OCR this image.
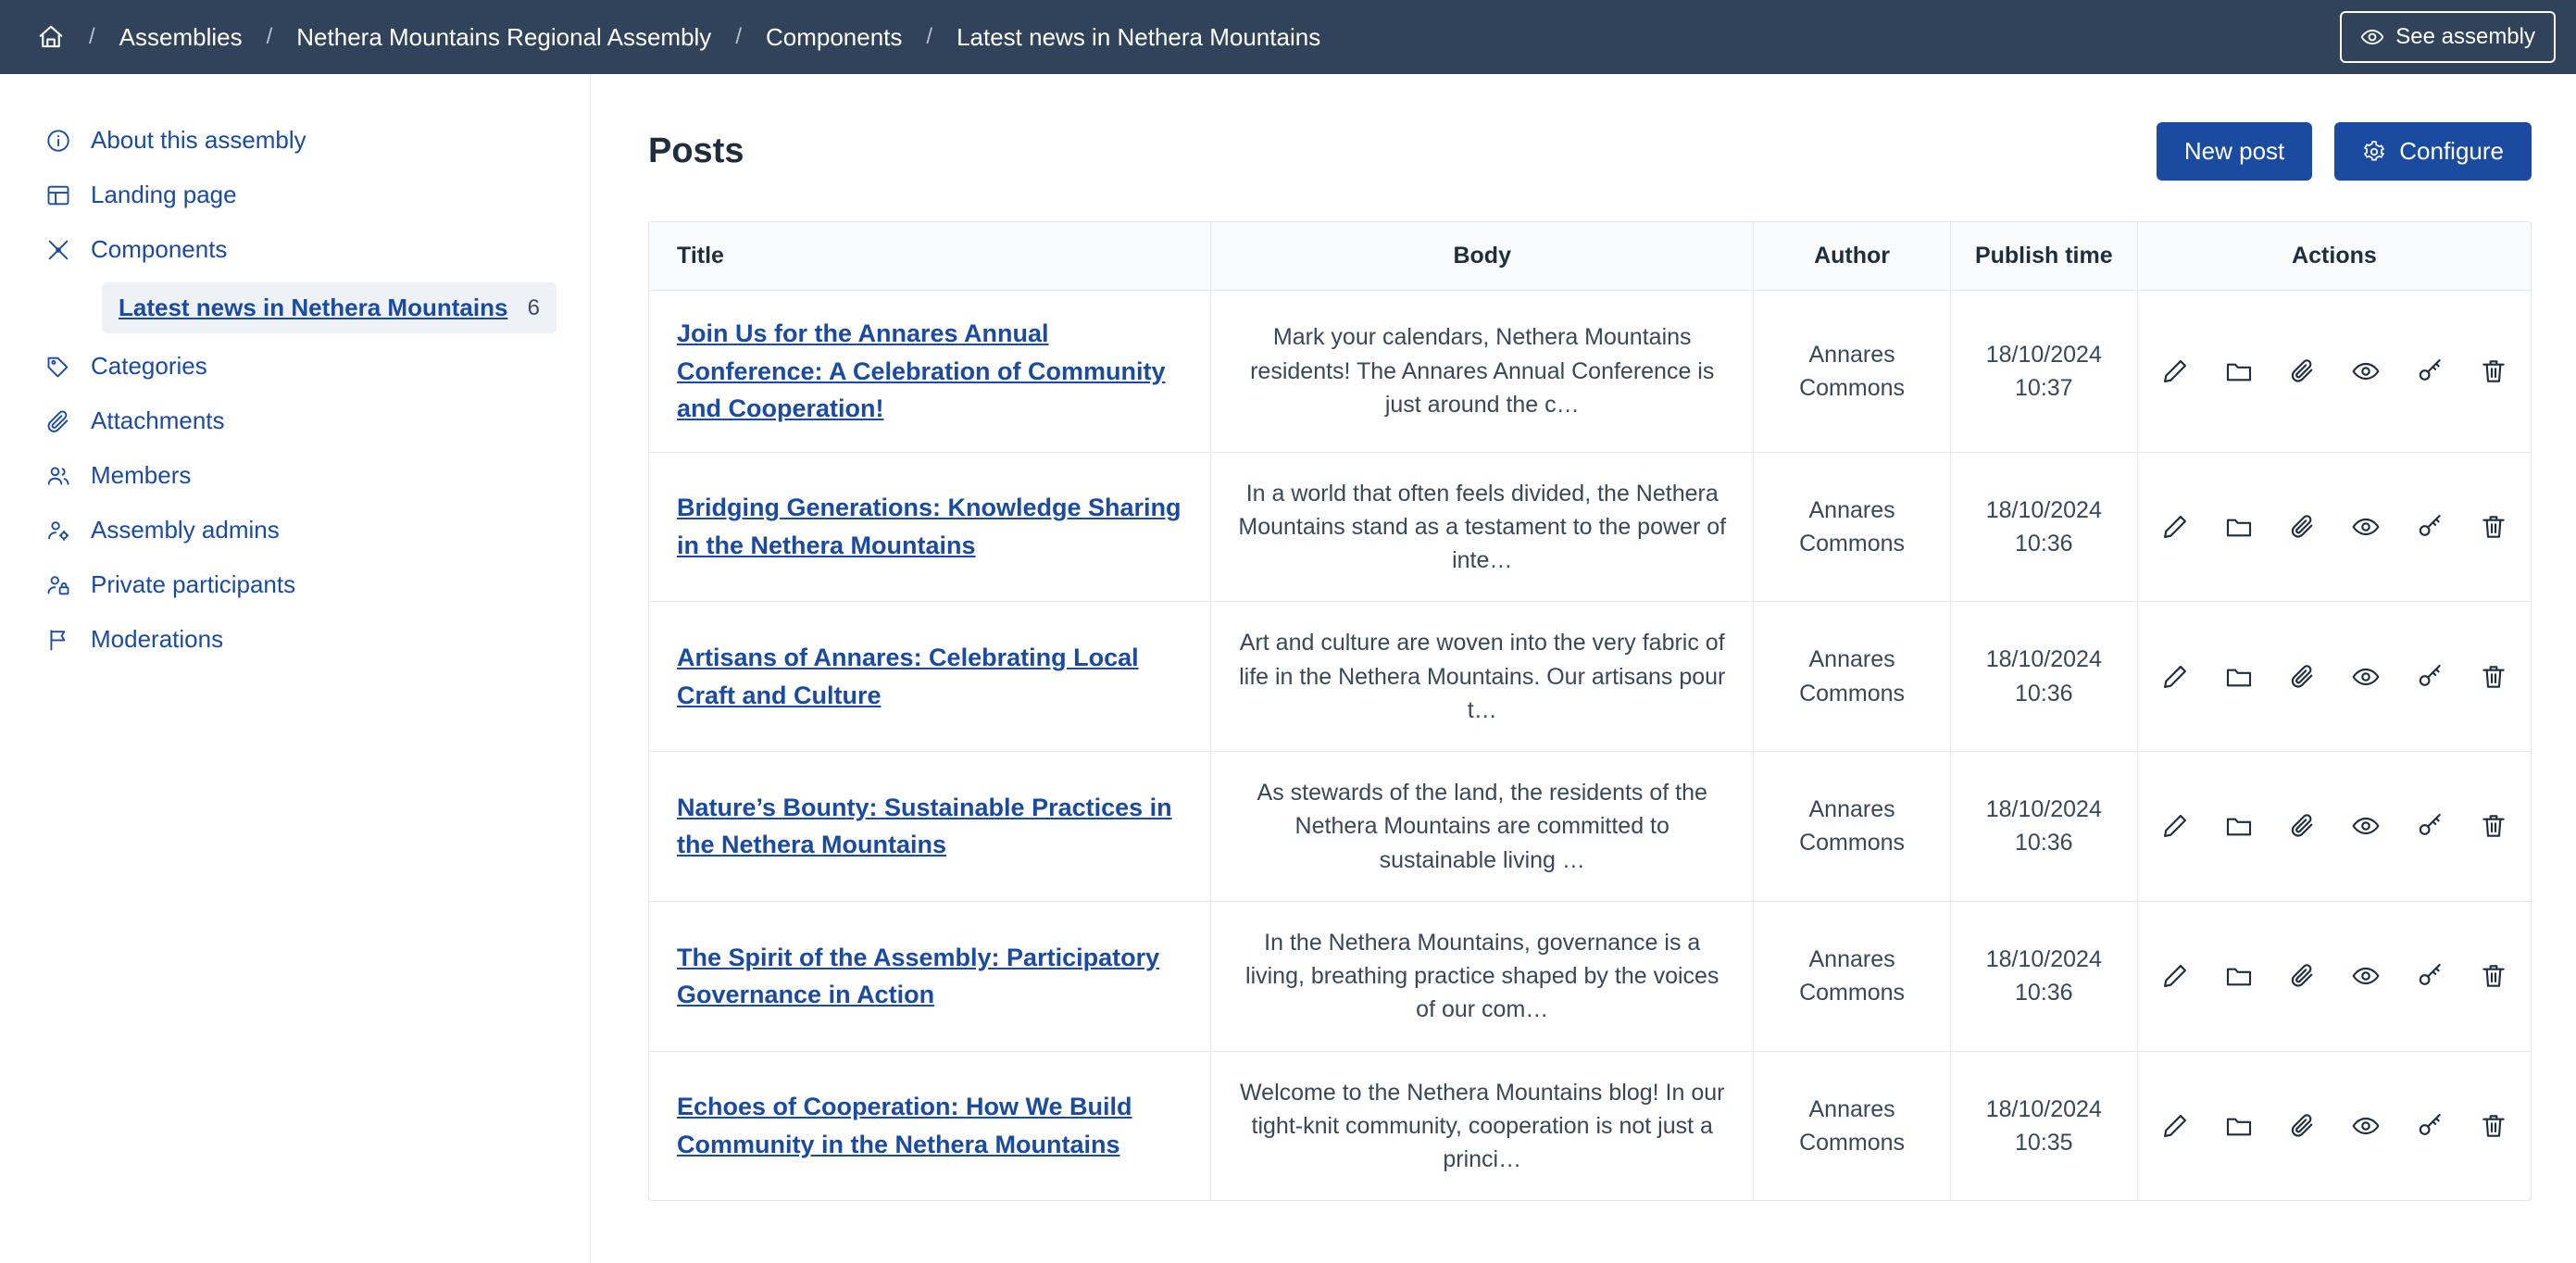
/ Assemblies / Nethera Mountains Regional Assembly / Components / Latest news in Nethera Mountains	See assembly
About this assembly
Landing page
Components
Latest news in Nethera Mountains 6
Categories
Attachments
Members
Assembly admins
Private participants
Moderations
Posts	New post	Configure
Title	Body	Author	Publish time	Actions
Join Us for the Annares Annual Conference: A Celebration of Community and Cooperation!	Mark your calendars, Nethera Mountains residents! The Annares Annual Conference is just around the c…	Annares Commons	18/10/2024 10:37	

Bridging Generations: Knowledge Sharing in the Nethera Mountains	In a world that often feels divided, the Nethera Mountains stand as a testament to the power of inte…	Annares Commons	18/10/2024 10:36	

Artisans of Annares: Celebrating Local Craft and Culture	Art and culture are woven into the very fabric of life in the Nethera Mountains. Our artisans pour t…	Annares Commons	18/10/2024 10:36	

Nature’s Bounty: Sustainable Practices in the Nethera Mountains	As stewards of the land, the residents of the Nethera Mountains are committed to sustainable living …	Annares Commons	18/10/2024 10:36	

The Spirit of the Assembly: Participatory Governance in Action	In the Nethera Mountains, governance is a living, breathing practice shaped by the voices of our com…	Annares Commons	18/10/2024 10:36	

Echoes of Cooperation: How We Build Community in the Nethera Mountains	Welcome to the Nethera Mountains blog! In our tight-knit community, cooperation is not just a princi…	Annares Commons	18/10/2024 10:35	
